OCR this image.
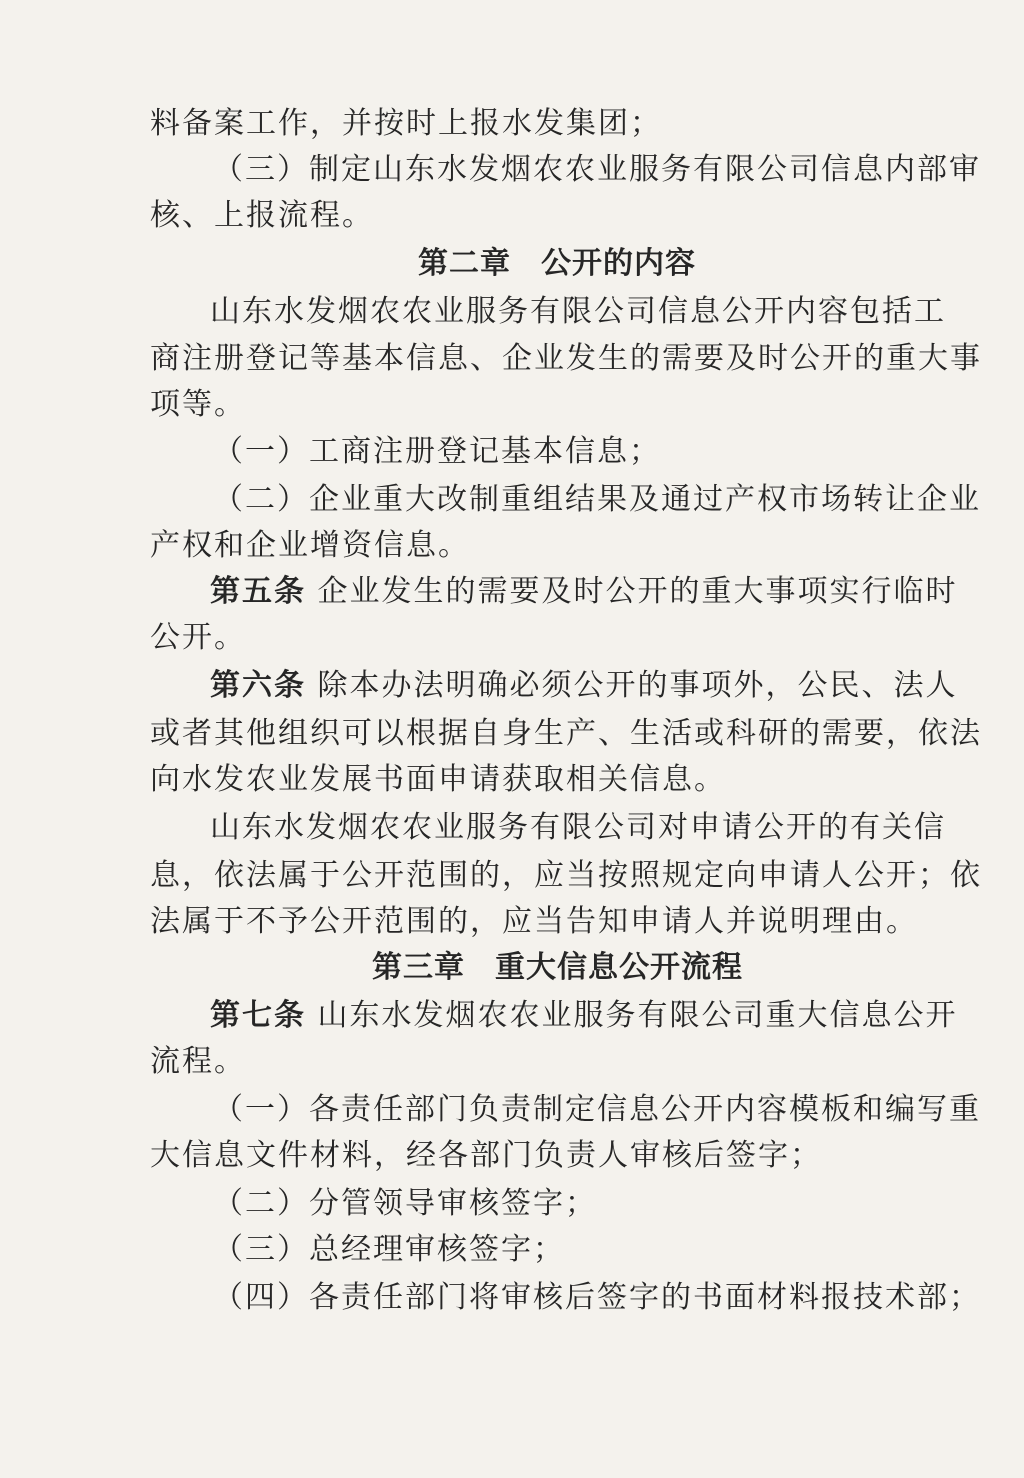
料备案工作，并按时上报水发集团；
（三）制定山东水发烟农农业服务有限公司信息内部审
核、上报流程。
第二章 公开的内容
山东水发烟农农业服务有限公司信息公开内容包括工
商注册登记等基本信息、企业发生的需要及时公开的重大事
项等。
（一）工商注册登记基本信息；
（二）企业重大改制重组结果及通过产权市场转让企业
产权和企业增资信息。
第五条 企业发生的需要及时公开的重大事项实行临时
公开。
第六条 除本办法明确必须公开的事项外，公民、法人
或者其他组织可以根据自身生产、生活或科研的需要，依法
向水发农业发展书面申请获取相关信息。
山东水发烟农农业服务有限公司对申请公开的有关信
息，依法属于公开范围的，应当按照规定向申请人公开；依
法属于不予公开范围的，应当告知申请人并说明理由。
第三章 重大信息公开流程
第七条 山东水发烟农农业服务有限公司重大信息公开
流程。
（一）各责任部门负责制定信息公开内容模板和编写重
大信息文件材料，经各部门负责人审核后签字；
（二）分管领导审核签字；
（三）总经理审核签字；
（四）各责任部门将审核后签字的书面材料报技术部；
